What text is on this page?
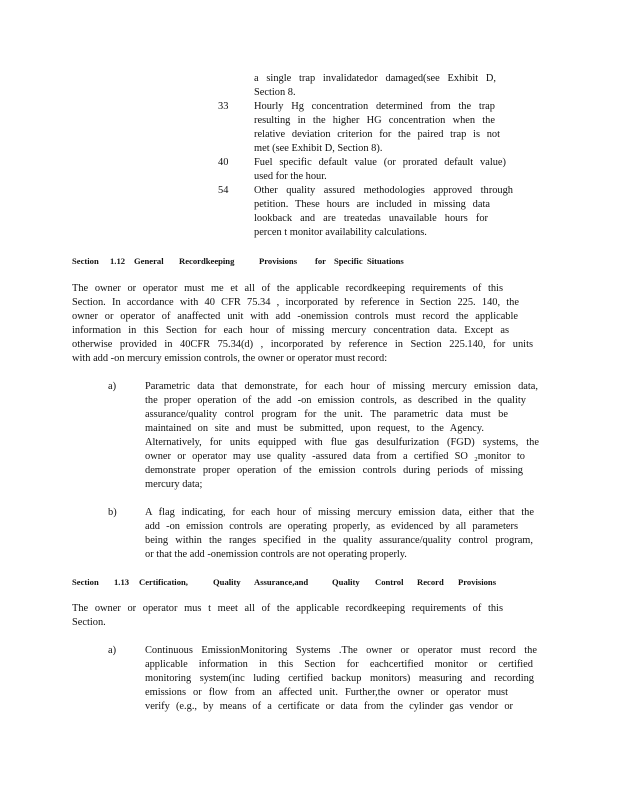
a single trap invalidatedor damaged(see Exhibit D,
Section 8.
33 Hourly Hg concentration determined from the trap
resulting in the higher HG concentration when the
relative deviation criterion for the paired trap is not
met (see Exhibit D, Section 8).
40 Fuel specific default value (or prorated default value)
used for the hour.
54 Other quality assured methodologies approved through
petition. These hours are included in missing data
lookback and are treatedas unavailable hours for
percen t monitor availability calculations.
Section 1.12 General Recordkeeping	Provisions for Specific Situations
The owner or operator must me et all of the applicable recordkeeping requirements of this
Section. In accordance with 40 CFR 75.34 , incorporated by reference in Section 225. 140, the
owner or operator of anaffected unit with add -onemission controls must record the applicable
information in this Section for each hour of missing mercury concentration data. Except as
otherwise provided in 40CFR 75.34(d) , incorporated by reference in Section 225.140, for units
with add -on mercury emission controls, the owner or operator must record:
a)	Parametric data that demonstrate, for each hour of missing mercury emission data,
the proper operation of the add -on emission controls, as described in the quality
assurance/quality control program for the unit. The parametric data must be
maintained on site and must be submitted, upon request, to the Agency.
Alternatively, for units equipped with flue gas desulfurization (FGD) systems, the
owner or operator may use quality -assured data from a certified SO ₂monitor to
demonstrate proper operation of the emission controls during periods of missing
mercury data;
b)	A flag indicating, for each hour of missing mercury emission data, either that the
add -on emission controls are operating properly, as evidenced by all parameters
being within the ranges specified in the quality assurance/quality control program,
or that the add -onemission controls are not operating properly.
Section 1.13 Certification,	Quality Assurance,and	Quality Control Record Provisions
The owner or operator mus t meet all of the applicable recordkeeping requirements of this
Section.
a)	Continuous EmissionMonitoring Systems .The owner or operator must record the
applicable information in this Section for eachcertified monitor or certified
monitoring system(inc luding certified backup monitors) measuring and recording
emissions or flow from an affected unit. Further,the owner or operator must
verify (e.g., by means of a certificate or data from the cylinder gas vendor or
